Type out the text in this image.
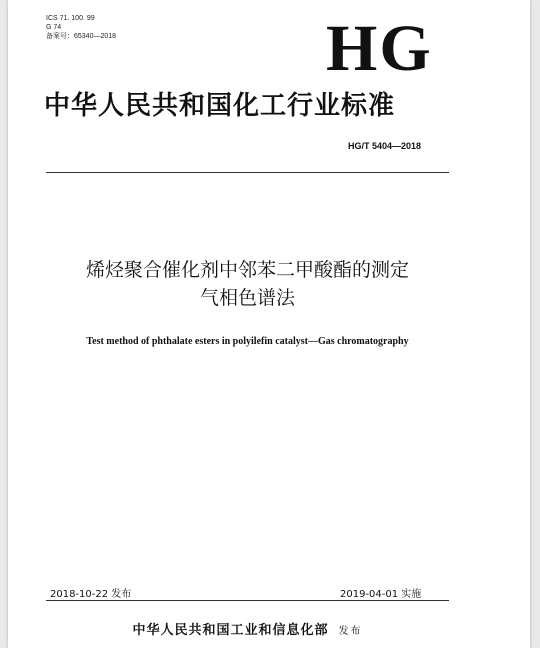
ICS 71. 100. 99
G 74
备案号：65340—2018	HG
中华人民共和国化工行业标准
HG/T 5404—2018
烯烃聚合催化剂中邻苯二甲酸酯的测定
气相色谱法
Test method of phthalate esters in polyilefin catalyst—Gas chromatography
2018-10-22 发布	2019-04-01 实施
中华人民共和国工业和信息化部 发布
